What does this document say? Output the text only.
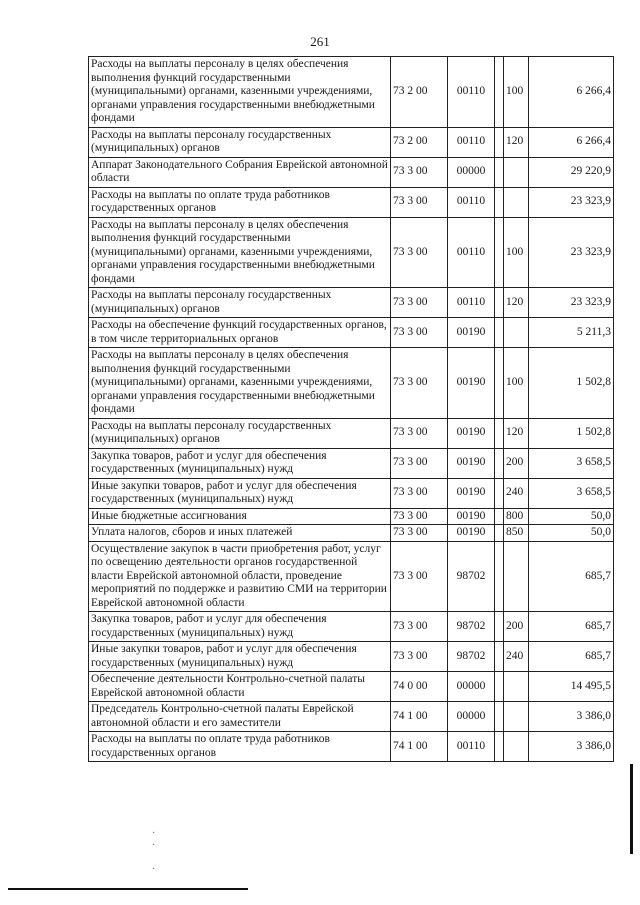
261
Расходы на выплаты персоналу в целях обеспечения выполнения функций государственными (муниципальными) органами, казенными учреждениями, органами управления государственными внебюджетными фондами	73 2 00	00110		100	6 266,4
Расходы на выплаты персоналу государственных (муниципальных) органов	73 2 00	00110		120	6 266,4
Аппарат Законодательного Собрания Еврейской автономной области	73 3 00	00000			29 220,9
Расходы на выплаты по оплате труда работников государственных органов	73 3 00	00110			23 323,9
Расходы на выплаты персоналу в целях обеспечения выполнения функций государственными (муниципальными) органами, казенными учреждениями, органами управления государственными внебюджетными фондами	73 3 00	00110		100	23 323,9
Расходы на выплаты персоналу государственных (муниципальных) органов	73 3 00	00110		120	23 323,9
Расходы на обеспечение функций государственных органов, в том числе территориальных органов	73 3 00	00190			5 211,3
Расходы на выплаты персоналу в целях обеспечения выполнения функций государственными (муниципальными) органами, казенными учреждениями, органами управления государственными внебюджетными фондами	73 3 00	00190		100	1 502,8
Расходы на выплаты персоналу государственных (муниципальных) органов	73 3 00	00190		120	1 502,8
Закупка товаров, работ и услуг для обеспечения государственных (муниципальных) нужд	73 3 00	00190		200	3 658,5
Иные закупки товаров, работ и услуг для обеспечения государственных (муниципальных) нужд	73 3 00	00190		240	3 658,5
Иные бюджетные ассигнования	73 3 00	00190		800	50,0
Уплата налогов, сборов и иных платежей	73 3 00	00190		850	50,0
Осуществление закупок в части приобретения работ, услуг по освещению деятельности органов государственной власти Еврейской автономной области, проведение мероприятий по поддержке и развитию СМИ на территории Еврейской автономной области	73 3 00	98702			685,7
Закупка товаров, работ и услуг для обеспечения государственных (муниципальных) нужд	73 3 00	98702		200	685,7
Иные закупки товаров, работ и услуг для обеспечения государственных (муниципальных) нужд	73 3 00	98702		240	685,7
Обеспечение деятельности Контрольно-счетной палаты Еврейской автономной области	74 0 00	00000			14 495,5
Председатель Контрольно-счетной палаты Еврейской автономной области и его заместители	74 1 00	00000			3 386,0
Расходы на выплаты по оплате труда работников государственных органов	74 1 00	00110			3 386,0
·
·

·
